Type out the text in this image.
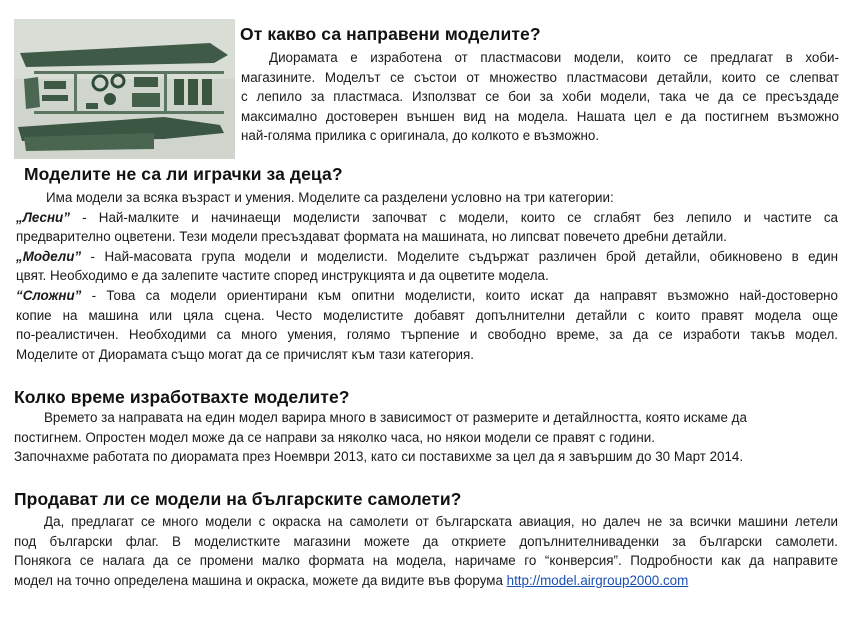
От какво са направени моделите?
Диорамата е изработена от пластмасови модели, които се предлагат в хоби-
магазините. Моделът се състои от множество пластмасови детайли, които се слепват
с лепило за пластмаса. Използват се бои за хоби модели, така че да се пресъздаде
максимално достоверен външен вид на модела. Нашата цел е да постигнем възможно
най-голяма прилика с оригинала, до колкото е възможно.
Моделите не са ли играчки за деца?
Има модели за всяка възраст и умения. Моделите са разделени условно на три категории:
„Лесни” - Най-малките и начинаещи моделисти започват с модели, които се сглабят без лепило и частите са
предварително оцветени. Тези модели пресъздават формата на машината, но липсват повечето дребни детайли.
„Модели” - Най-масовата група модели и моделисти. Моделите съдържат различен брой детайли, обикновено в един
цвят. Необходимо е да залепите частите според инструкцията и да оцветите модела.
“Сложни” - Това са модели ориентирани към опитни моделисти, които искат да направят възможно най-достоверно
копие на машина или цяла сцена. Често моделистите добавят допълнителни детайли с които правят модела още
по-реалистичен. Необходими са много умения, голямо търпение и свободно време, за да се изработи такъв модел.
Моделите от Диорамата също могат да се причислят към тази категория.
Колко време изработвахте моделите?
Времето за направата на един модел варира много в зависимост от размерите и детайлността, която искаме да
постигнем. Опростен модел може да се направи за няколко часа, но някои модели се правят с години.
Започнахме работата по диорамата през Ноември 2013, като си поставихме за цел да я завършим до 30 Март 2014.
Продават ли се модели на българските самолети?
Да, предлагат се много модели с окраска на самолети от българската авиация, но далеч не за всички машини летели
под български флаг. В моделистките магазини можете да откриете допълнителниваденки за български самолети.
Понякога се налага да се промени малко формата на модела, наричаме го “конверсия”. Подробности как да направите
модел на точно определена машина и окраска, можете да видите във форума http://model.airgroup2000.com
